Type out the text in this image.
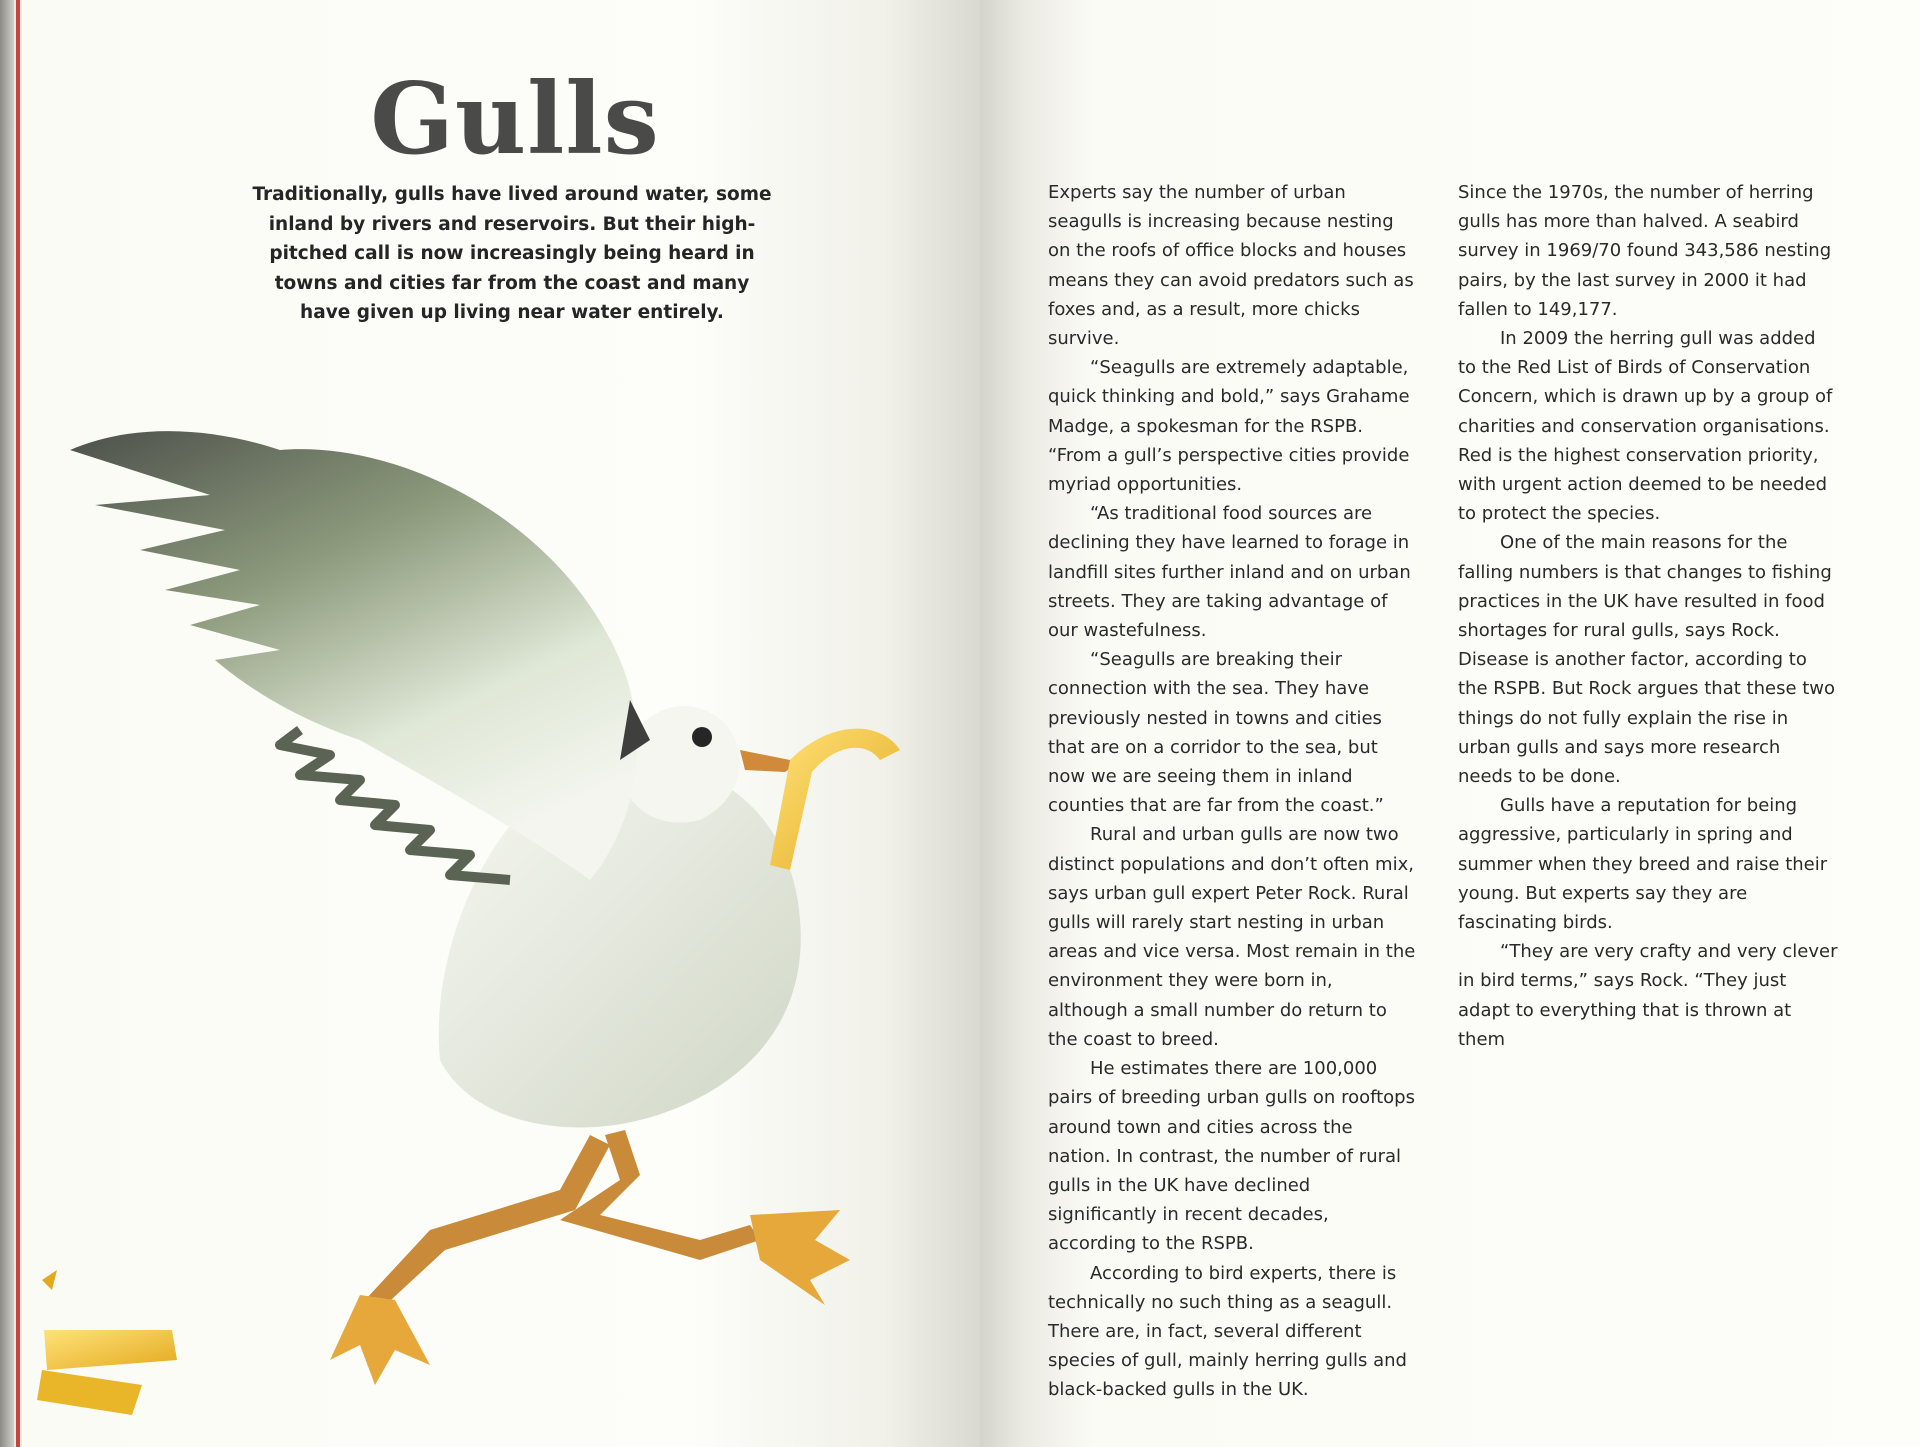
Gulls
Traditionally, gulls have lived around water, some inland by rivers and reservoirs. But their high-pitched call is now increasingly being heard in towns and cities far from the coast and many have given up living near water entirely.

Experts say the number of urban seagulls is increasing because nesting on the roofs of office blocks and houses means they can avoid predators such as foxes and, as a result, more chicks survive.

“Seagulls are extremely adaptable, quick thinking and bold,” says Grahame Madge, a spokesman for the RSPB. “From a gull’s perspective cities provide myriad opportunities.

“As traditional food sources are declining they have learned to forage in landfill sites further inland and on urban streets. They are taking advantage of our wastefulness.

“Seagulls are breaking their connection with the sea. They have previously nested in towns and cities that are on a corridor to the sea, but now we are seeing them in inland counties that are far from the coast.”

Rural and urban gulls are now two distinct populations and don’t often mix, says urban gull expert Peter Rock. Rural gulls will rarely start nesting in urban areas and vice versa. Most remain in the environment they were born in, although a small number do return to the coast to breed.

He estimates there are 100,000 pairs of breeding urban gulls on rooftops around town and cities across the nation. In contrast, the number of rural gulls in the UK have declined significantly in recent decades, according to the RSPB.

According to bird experts, there is technically no such thing as a seagull. There are, in fact, several different species of gull, mainly herring gulls and black-backed gulls in the UK.

Since the 1970s, the number of herring gulls has more than halved. A seabird survey in 1969/70 found 343,586 nesting pairs, by the last survey in 2000 it had fallen to 149,177.

In 2009 the herring gull was added to the Red List of Birds of Conservation Concern, which is drawn up by a group of charities and conservation organisations. Red is the highest conservation priority, with urgent action deemed to be needed to protect the species.

One of the main reasons for the falling numbers is that changes to fishing practices in the UK have resulted in food shortages for rural gulls, says Rock. Disease is another factor, according to the RSPB. But Rock argues that these two things do not fully explain the rise in urban gulls and says more research needs to be done.

Gulls have a reputation for being aggressive, particularly in spring and summer when they breed and raise their young. But experts say they are fascinating birds.

“They are very crafty and very clever in bird terms,” says Rock. “They just adapt to everything that is thrown at them
